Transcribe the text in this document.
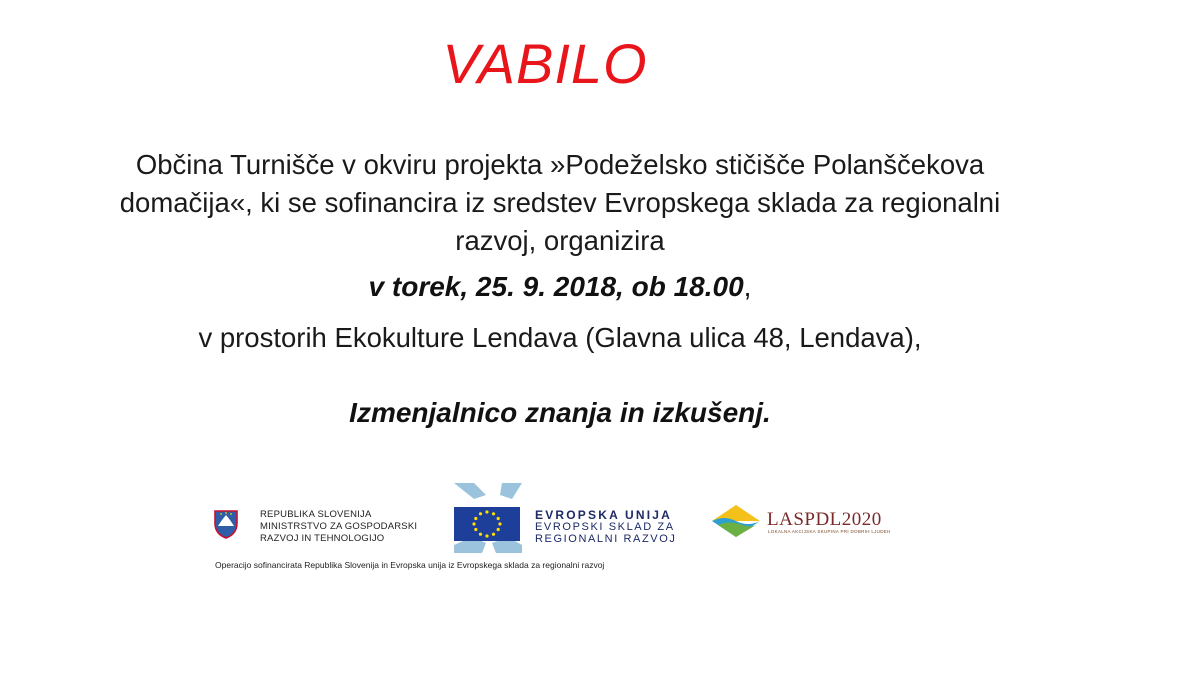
VABILO
Občina Turnišče v okviru projekta »Podeželsko stičišče Polanščekova
domačija«, ki se sofinancira iz sredstev Evropskega sklada za regionalni
razvoj, organizira
v torek, 25. 9. 2018, ob 18.00,
v prostorih Ekokulture Lendava (Glavna ulica 48, Lendava),
Izmenjalnico znanja in izkušenj.
REPUBLIKA SLOVENIJA
MINISTRSTVO ZA GOSPODARSKI
RAZVOJ IN TEHNOLOGIJO
EVROPSKA UNIJA
EVROPSKI SKLAD ZA
REGIONALNI RAZVOJ
LASPDL2020
LOKALNA AKCIJSKA SKUPINA PRI DOBRIH LJUDEH
Operacijo sofinancirata Republika Slovenija in Evropska unija iz Evropskega sklada za regionalni razvoj
